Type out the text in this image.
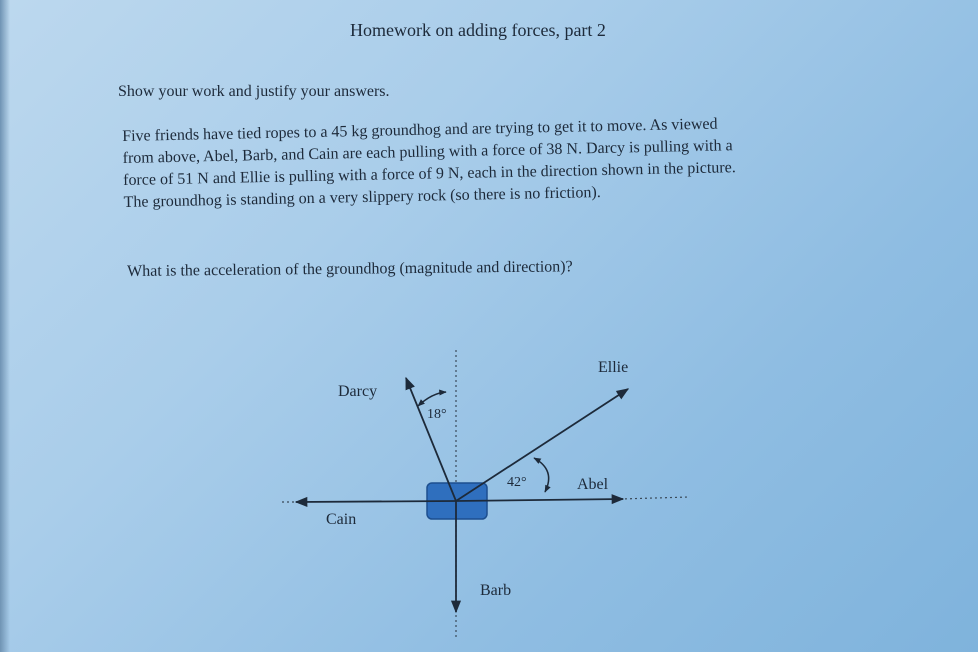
Homework on adding forces, part 2
Show your work and justify your answers.
Five friends have tied ropes to a 45 kg groundhog and are trying to get it to move. As viewed
from above, Abel, Barb, and Cain are each pulling with a force of 38 N. Darcy is pulling with a
force of 51 N and Ellie is pulling with a force of 9 N, each in the direction shown in the picture.
The groundhog is standing on a very slippery rock (so there is no friction).
What is the acceleration of the groundhog (magnitude and direction)?
Darcy
Ellie
Abel
Barb
Cain
18°
42°
